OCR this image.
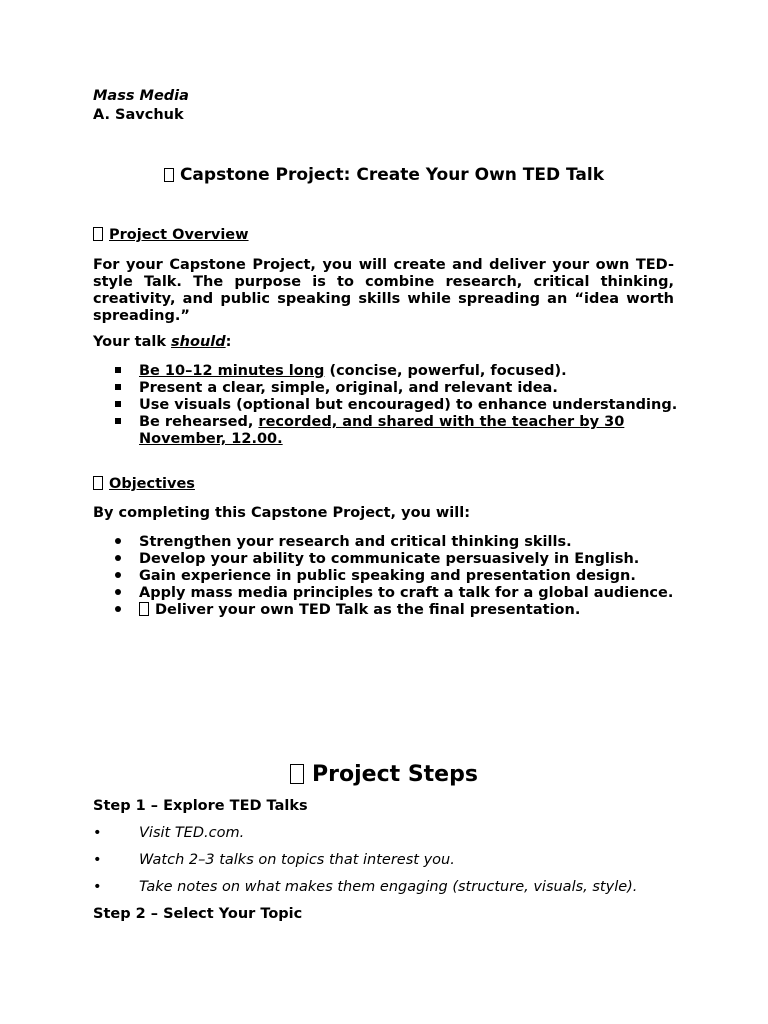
Mass Media
A. Savchuk
Capstone Project: Create Your Own TED Talk
Project Overview
For your Capstone Project, you will create and deliver your own TED-style Talk. The purpose is to combine research, critical thinking, creativity, and public speaking skills while spreading an “idea worth spreading.”
Your talk should:
Be 10–12 minutes long (concise, powerful, focused).
Present a clear, simple, original, and relevant idea.
Use visuals (optional but encouraged) to enhance understanding.
Be rehearsed, recorded, and shared with the teacher by 30 November, 12.00.
Objectives
By completing this Capstone Project, you will:
Strengthen your research and critical thinking skills.
Develop your ability to communicate persuasively in English.
Gain experience in public speaking and presentation design.
Apply mass media principles to craft a talk for a global audience.
Deliver your own TED Talk as the final presentation.
Project Steps
Step 1 – Explore TED Talks
•	Visit TED.com.
•	Watch 2–3 talks on topics that interest you.
•	Take notes on what makes them engaging (structure, visuals, style).
Step 2 – Select Your Topic
